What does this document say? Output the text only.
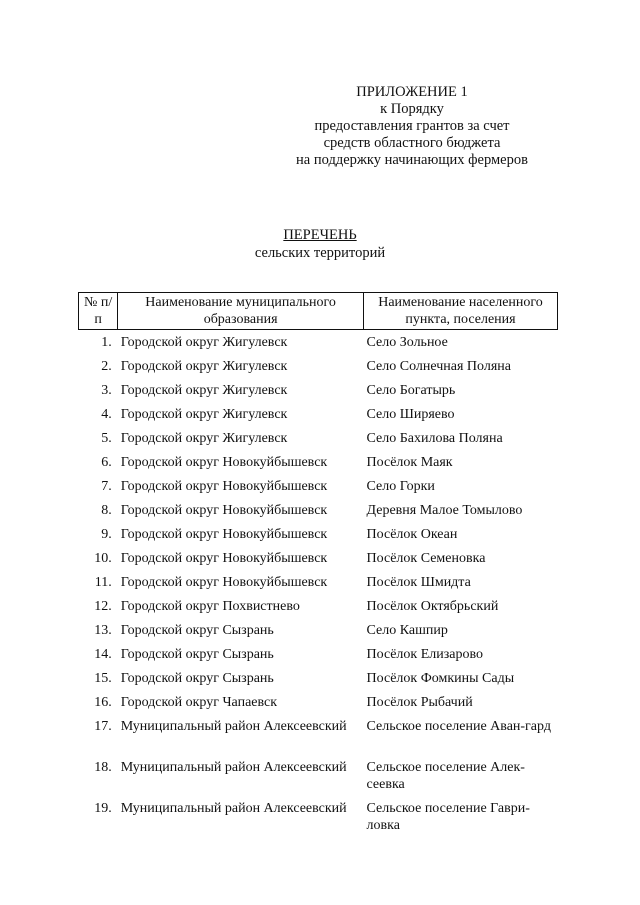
ПРИЛОЖЕНИЕ 1
к Порядку
предоставления грантов за счет
средств областного бюджета
на поддержку начинающих фермеров
ПЕРЕЧЕНЬ
сельских территорий
№ п/п	Наименование муниципального образования	Наименование населенного пункта, поселения
1.	Городской округ Жигулевск	Село Зольное
2.	Городской округ Жигулевск	Село Солнечная Поляна
3.	Городской округ Жигулевск	Село Богатырь
4.	Городской округ Жигулевск	Село Ширяево
5.	Городской округ Жигулевск	Село Бахилова Поляна
6.	Городской округ Новокуйбышевск	Посёлок Маяк
7.	Городской округ Новокуйбышевск	Село Горки
8.	Городской округ Новокуйбышевск	Деревня Малое Томылово
9.	Городской округ Новокуйбышевск	Посёлок Океан
10.	Городской округ Новокуйбышевск	Посёлок Семеновка
11.	Городской округ Новокуйбышевск	Посёлок Шмидта
12.	Городской округ Похвистнево	Посёлок Октябрьский
13.	Городской округ Сызрань	Село Кашпир
14.	Городской округ Сызрань	Посёлок Елизарово
15.	Городской округ Сызрань	Посёлок Фомкины Сады
16.	Городской округ Чапаевск	Посёлок Рыбачий
17.	Муниципальный район Алексеевский	Сельское поселение Аван-гард
18.	Муниципальный район Алексеевский	Сельское поселение Алек-сеевка
19.	Муниципальный район Алексеевский	Сельское поселение Гаври-ловка
